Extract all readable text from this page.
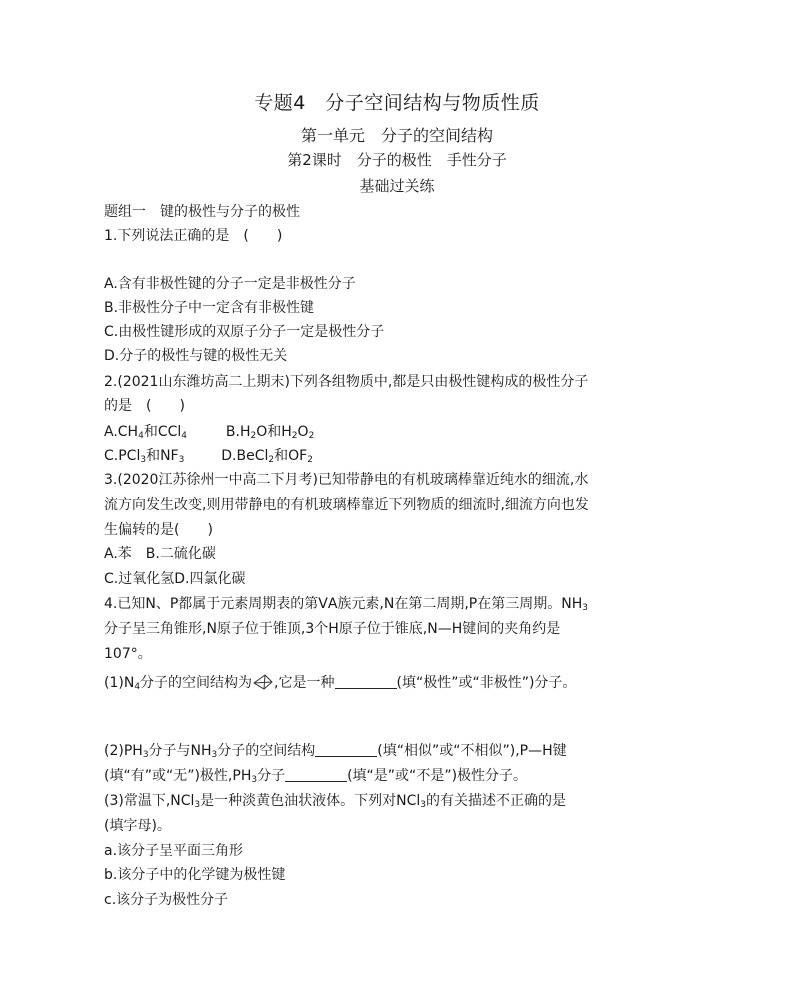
专题4　分子空间结构与物质性质
第一单元　分子的空间结构
第2课时　分子的极性　手性分子
基础过关练
题组一　键的极性与分子的极性
1.下列说法正确的是　(　　)
A.含有非极性键的分子一定是非极性分子
B.非极性分子中一定含有非极性键
C.由极性键形成的双原子分子一定是极性分子
D.分子的极性与键的极性无关
2.(2021山东潍坊高二上期末)下列各组物质中,都是只由极性键构成的极性分子
的是　(　　)
$A.CH_4$和CCl$_4$	$B.H_2O$和$H_2O_2$
C.PCl$_3$和$NF_3$	D.BeCl$_2$和$OF_2$
3.(2020江苏徐州一中高二下月考)已知带静电的有机玻璃棒靠近纯水的细流,水
流方向发生改变,则用带静电的有机玻璃棒靠近下列物质的细流时,细流方向也发
生偏转的是(　　)
A.苯　B.二硫化碳
C.过氧化氢D.四氯化碳
4.已知N、P都属于元素周期表的第ⅤA族元素,N在第二周期,P在第三周期。$NH_3$
分子呈三角锥形,N原子位于锥顶,3个H原子位于锥底,N—H键间的夹角约是
107°。
$(1)N_4$分子的空间结构为 ,它是一种	(填“极性”或“非极性”)分子。
$(2)PH_3$分子与$NH_3$分子的空间结构	(填“相似”或“不相似”),P—H键
(填“有”或“无”)极性$,PH_3$分子	(填“是”或“不是”)极性分子。
(3)常温下,NCl$_3$是一种淡黄色油状液体。下列对NCl$_3$的有关描述不正确的是
(填字母)。
a.该分子呈平面三角形
b.该分子中的化学键为极性键
c.该分子为极性分子
